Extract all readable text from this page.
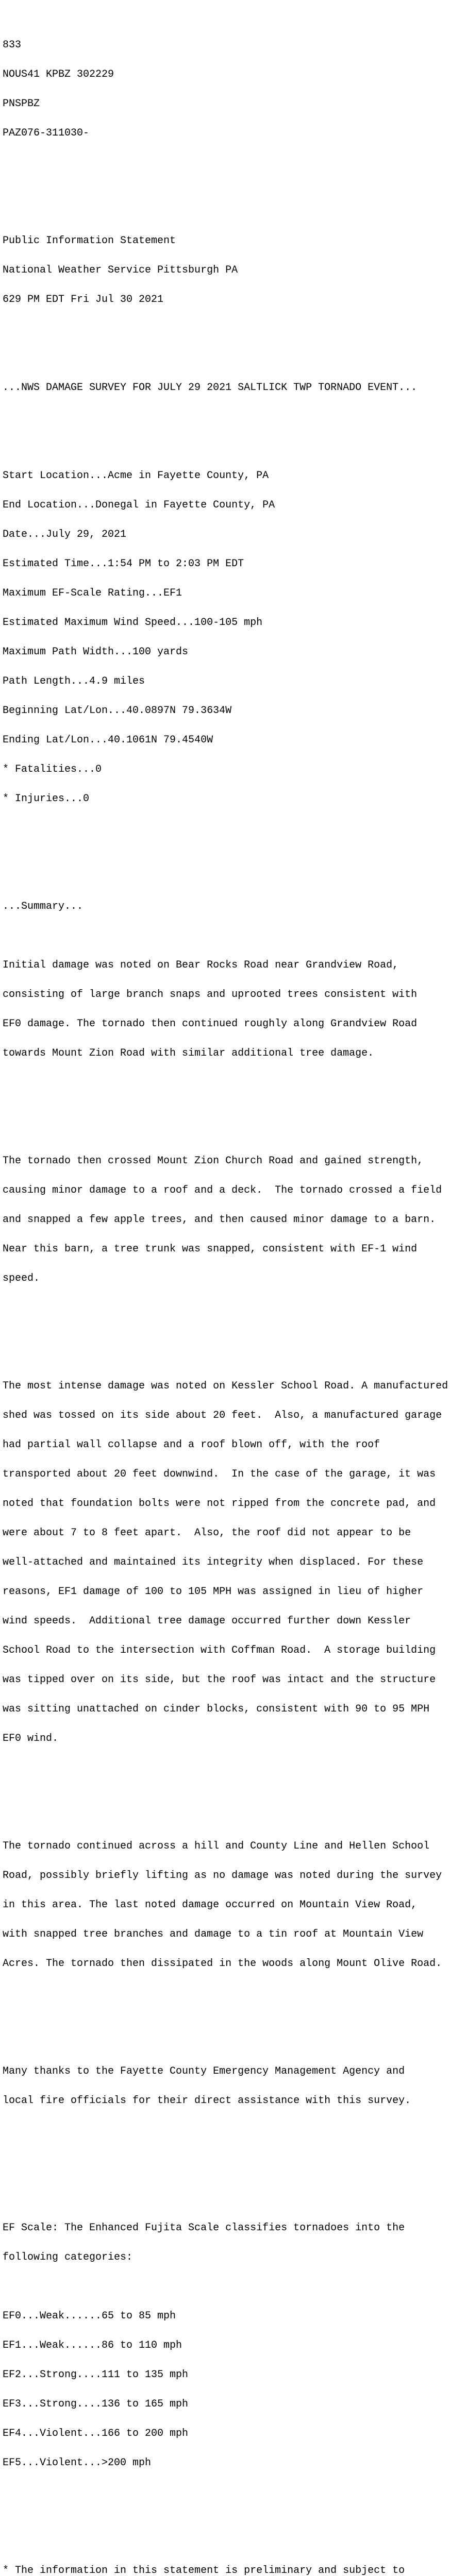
833

NOUS41 KPBZ 302229

PNSPBZ

PAZ076-311030-

Public Information Statement

National Weather Service Pittsburgh PA

629 PM EDT Fri Jul 30 2021

...NWS DAMAGE SURVEY FOR JULY 29 2021 SALTLICK TWP TORNADO EVENT...

Start Location...Acme in Fayette County, PA

End Location...Donegal in Fayette County, PA

Date...July 29, 2021

Estimated Time...1:54 PM to 2:03 PM EDT

Maximum EF-Scale Rating...EF1

Estimated Maximum Wind Speed...100-105 mph

Maximum Path Width...100 yards

Path Length...4.9 miles

Beginning Lat/Lon...40.0897N 79.3634W

Ending Lat/Lon...40.1061N 79.4540W

* Fatalities...0

* Injuries...0

...Summary...

Initial damage was noted on Bear Rocks Road near Grandview Road,

consisting of large branch snaps and uprooted trees consistent with

EF0 damage. The tornado then continued roughly along Grandview Road

towards Mount Zion Road with similar additional tree damage.

The tornado then crossed Mount Zion Church Road and gained strength,

causing minor damage to a roof and a deck.  The tornado crossed a field

and snapped a few apple trees, and then caused minor damage to a barn.

Near this barn, a tree trunk was snapped, consistent with EF-1 wind

speed.

The most intense damage was noted on Kessler School Road. A manufactured

shed was tossed on its side about 20 feet.  Also, a manufactured garage

had partial wall collapse and a roof blown off, with the roof

transported about 20 feet downwind.  In the case of the garage, it was

noted that foundation bolts were not ripped from the concrete pad, and

were about 7 to 8 feet apart.  Also, the roof did not appear to be

well-attached and maintained its integrity when displaced. For these

reasons, EF1 damage of 100 to 105 MPH was assigned in lieu of higher

wind speeds.  Additional tree damage occurred further down Kessler

School Road to the intersection with Coffman Road.  A storage building

was tipped over on its side, but the roof was intact and the structure

was sitting unattached on cinder blocks, consistent with 90 to 95 MPH

EF0 wind.

The tornado continued across a hill and County Line and Hellen School

Road, possibly briefly lifting as no damage was noted during the survey

in this area. The last noted damage occurred on Mountain View Road,

with snapped tree branches and damage to a tin roof at Mountain View

Acres. The tornado then dissipated in the woods along Mount Olive Road.

Many thanks to the Fayette County Emergency Management Agency and

local fire officials for their direct assistance with this survey.

EF Scale: The Enhanced Fujita Scale classifies tornadoes into the

following categories:

EF0...Weak......65 to 85 mph

EF1...Weak......86 to 110 mph

EF2...Strong....111 to 135 mph

EF3...Strong....136 to 165 mph

EF4...Violent...166 to 200 mph

EF5...Violent...>200 mph

* The information in this statement is preliminary and subject to
